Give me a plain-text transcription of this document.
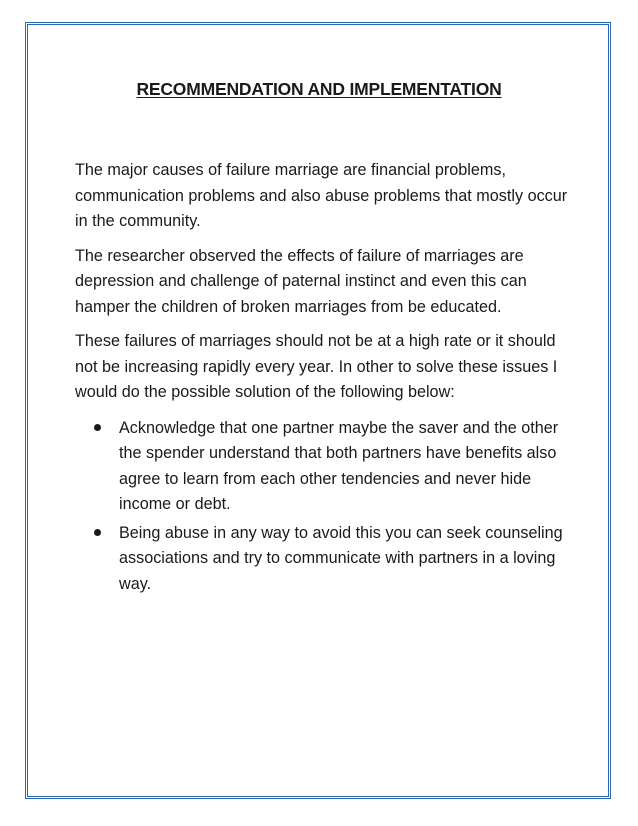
RECOMMENDATION AND IMPLEMENTATION

The major causes of failure marriage are financial problems, communication problems and also abuse problems that mostly occur in the community.

The researcher observed the effects of failure of marriages are depression and challenge of paternal instinct and even this can hamper the children of broken marriages from be educated.

These failures of marriages should not be at a high rate or it should not be increasing rapidly every year. In other to solve these issues I would do the possible solution of the following below:

Acknowledge that one partner maybe the saver and the other the spender understand that both partners have benefits also agree to learn from each other tendencies and never hide income or debt.
Being abuse in any way to avoid this you can seek counseling associations and try to communicate with partners in a loving way.
